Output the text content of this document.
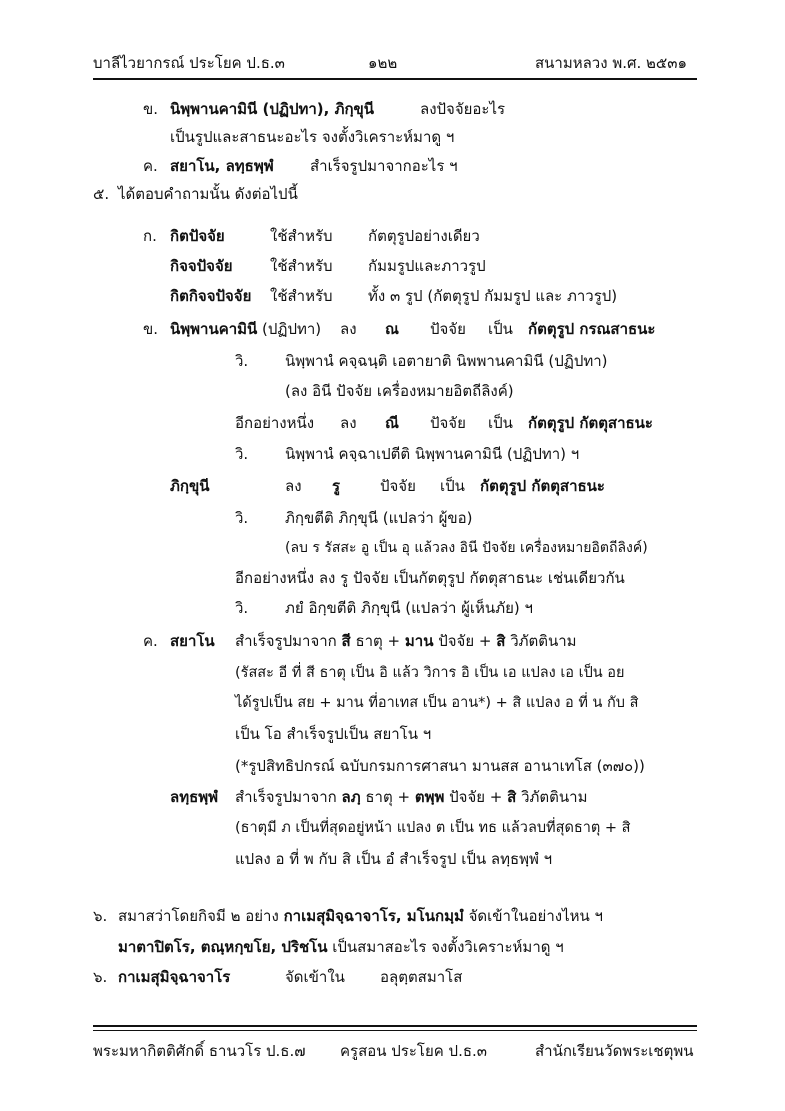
บาลีไวยากรณ์ ประโยค ป.ธ.๓	๑๒๒	สนามหลวง พ.ศ. ๒๕๓๑
ข. นิพฺพานคามินี (ปฏิปทา), ภิกฺขุนี	ลงปัจจัยอะไร
เป็นรูปและสาธนะอะไร จงตั้งวิเคราะห์มาดู ฯ
ค. สยาโน, ลทฺธพฺพํ สำเร็จรูปมาจากอะไร ฯ
๕. ได้ตอบคำถามนั้น ดังต่อไปนี้
ก. กิตปัจจัย	ใช้สำหรับ กัตตุรูปอย่างเดียว
กิจจปัจจัย ใช้สำหรับ กัมมรูปและภาวรูป
กิตกิจจปัจจัย ใช้สำหรับ ทั้ง ๓ รูป (กัตตุรูป กัมมรูป และ ภาวรูป)
ข. นิพฺพานคามินี (ปฏิปทา) ลง ณ ปัจจัย เป็น กัตตุรูป กรณสาธนะ
วิ. นิพฺพานํ คจฺฉนฺติ เอตายาติ นิพพานคามินี (ปฏิปทา)
(ลง อินี ปัจจัย เครื่องหมายอิตถีลิงค์)
อีกอย่างหนึ่ง ลง ณี ปัจจัย เป็น กัตตุรูป กัตตุสาธนะ
วิ. นิพฺพานํ คจฺฉาเปตีติ นิพฺพานคามินี (ปฏิปทา) ฯ
ภิกฺขุนี	ลง รู	ปัจจัย เป็น กัตตุรูป กัตตุสาธนะ
วิ. ภิกฺขตีติ ภิกฺขุนี (แปลว่า ผู้ขอ)
(ลบ ร รัสสะ อู เป็น อุ แล้วลง อินี ปัจจัย เครื่องหมายอิตถีลิงค์)
อีกอย่างหนึ่ง ลง รู ปัจจัย เป็นกัตตุรูป กัตตุสาธนะ เช่นเดียวกัน
วิ. ภยํ อิกฺขตีติ ภิกฺขุนี (แปลว่า ผู้เห็นภัย) ฯ
ค. สยาโน สำเร็จรูปมาจาก สี ธาตุ + มาน ปัจจัย + สิ วิภัตตินาม
(รัสสะ อี ที่ สี ธาตุ เป็น อิ แล้ว วิการ อิ เป็น เอ แปลง เอ เป็น อย
ได้รูปเป็น สย + มาน ที่อาเทส เป็น อาน*) + สิ แปลง อ ที่ น กับ สิ
เป็น โอ สำเร็จรูปเป็น สยาโน ฯ
(*รูปสิทธิปกรณ์ ฉบับกรมการศาสนา มานสส อานาเทโส (๓๗๐))
ลทฺธพฺพํ สำเร็จรูปมาจาก ลภฺ ธาตุ + ตพฺพ ปัจจัย + สิ วิภัตตินาม
(ธาตุมี ภ เป็นที่สุดอยู่หน้า แปลง ต เป็น ทธ แล้วลบที่สุดธาตุ + สิ
แปลง อ ที่ พ กับ สิ เป็น อํ สำเร็จรูป เป็น ลทฺธพฺพํ ฯ
๖. สมาสว่าโดยกิจมี ๒ อย่าง กาเมสุมิจฺฉาจาโร, มโนกมฺมํ จัดเข้าในอย่างไหน ฯ
มาตาปิตโร, ตณฺหกฺขโย, ปริชโน เป็นสมาสอะไร จงตั้งวิเคราะห์มาดู ฯ
๖. กาเมสุมิจฺฉาจาโร	จัดเข้าใน อลุตฺตสมาโส
พระมหากิตติศักดิ์ ธานวโร ป.ธ.๗ ครูสอน ประโยค ป.ธ.๓	สำนักเรียนวัดพระเชตุพน
